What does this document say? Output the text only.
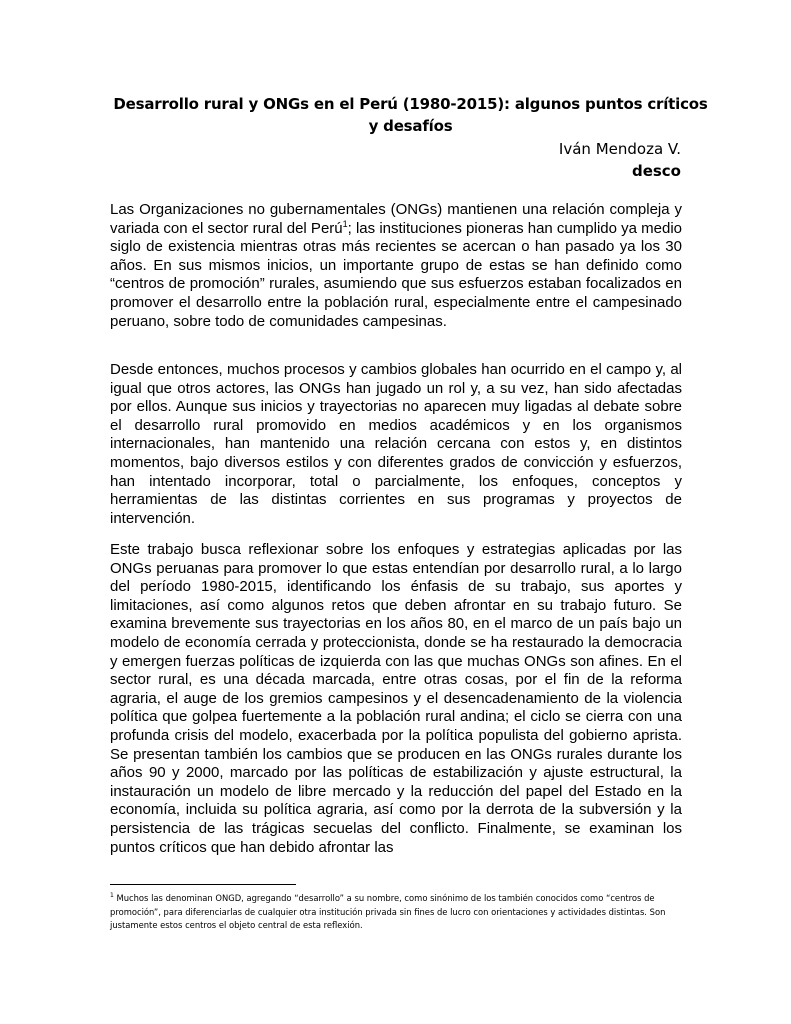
Desarrollo rural y ONGs en el Perú (1980-2015): algunos puntos críticos y desafíos
Iván Mendoza V.
desco

Las Organizaciones no gubernamentales (ONGs) mantienen una relación compleja y variada con el sector rural del Perú$^1$; las instituciones pioneras han cumplido ya medio siglo de existencia mientras otras más recientes se acercan o han pasado ya los 30 años. En sus mismos inicios, un importante grupo de estas se han definido como “centros de promoción” rurales, asumiendo que sus esfuerzos estaban focalizados en promover el desarrollo entre la población rural, especialmente entre el campesinado peruano, sobre todo de comunidades campesinas.

Desde entonces, muchos procesos y cambios globales han ocurrido en el campo y, al igual que otros actores, las ONGs han jugado un rol y, a su vez, han sido afectadas por ellos. Aunque sus inicios y trayectorias no aparecen muy ligadas al debate sobre el desarrollo rural promovido en medios académicos y en los organismos internacionales, han mantenido una relación cercana con estos y, en distintos momentos, bajo diversos estilos y con diferentes grados de convicción y esfuerzos, han intentado incorporar, total o parcialmente, los enfoques, conceptos y herramientas de las distintas corrientes en sus programas y proyectos de intervención.

Este trabajo busca reflexionar sobre los enfoques y estrategias aplicadas por las ONGs peruanas para promover lo que estas entendían por desarrollo rural, a lo largo del período 1980-2015, identificando los énfasis de su trabajo, sus aportes y limitaciones, así como algunos retos que deben afrontar en su trabajo futuro. Se examina brevemente sus trayectorias en los años 80, en el marco de un país bajo un modelo de economía cerrada y proteccionista, donde se ha restaurado la democracia y emergen fuerzas políticas de izquierda con las que muchas ONGs son afines. En el sector rural, es una década marcada, entre otras cosas, por el fin de la reforma agraria, el auge de los gremios campesinos y el desencadenamiento de la violencia política que golpea fuertemente a la población rural andina; el ciclo se cierra con una profunda crisis del modelo, exacerbada por la política populista del gobierno aprista. Se presentan también los cambios que se producen en las ONGs rurales durante los años 90 y 2000, marcado por las políticas de estabilización y ajuste estructural, la instauración un modelo de libre mercado y la reducción del papel del Estado en la economía, incluida su política agraria, así como por la derrota de la subversión y la persistencia de las trágicas secuelas del conflicto. Finalmente, se examinan los puntos críticos que han debido afrontar las

$^1$ Muchos las denominan ONGD, agregando “desarrollo” a su nombre, como sinónimo de los también conocidos como “centros de promoción”, para diferenciarlas de cualquier otra institución privada sin fines de lucro con orientaciones y actividades distintas. Son justamente estos centros el objeto central de esta reflexión.
